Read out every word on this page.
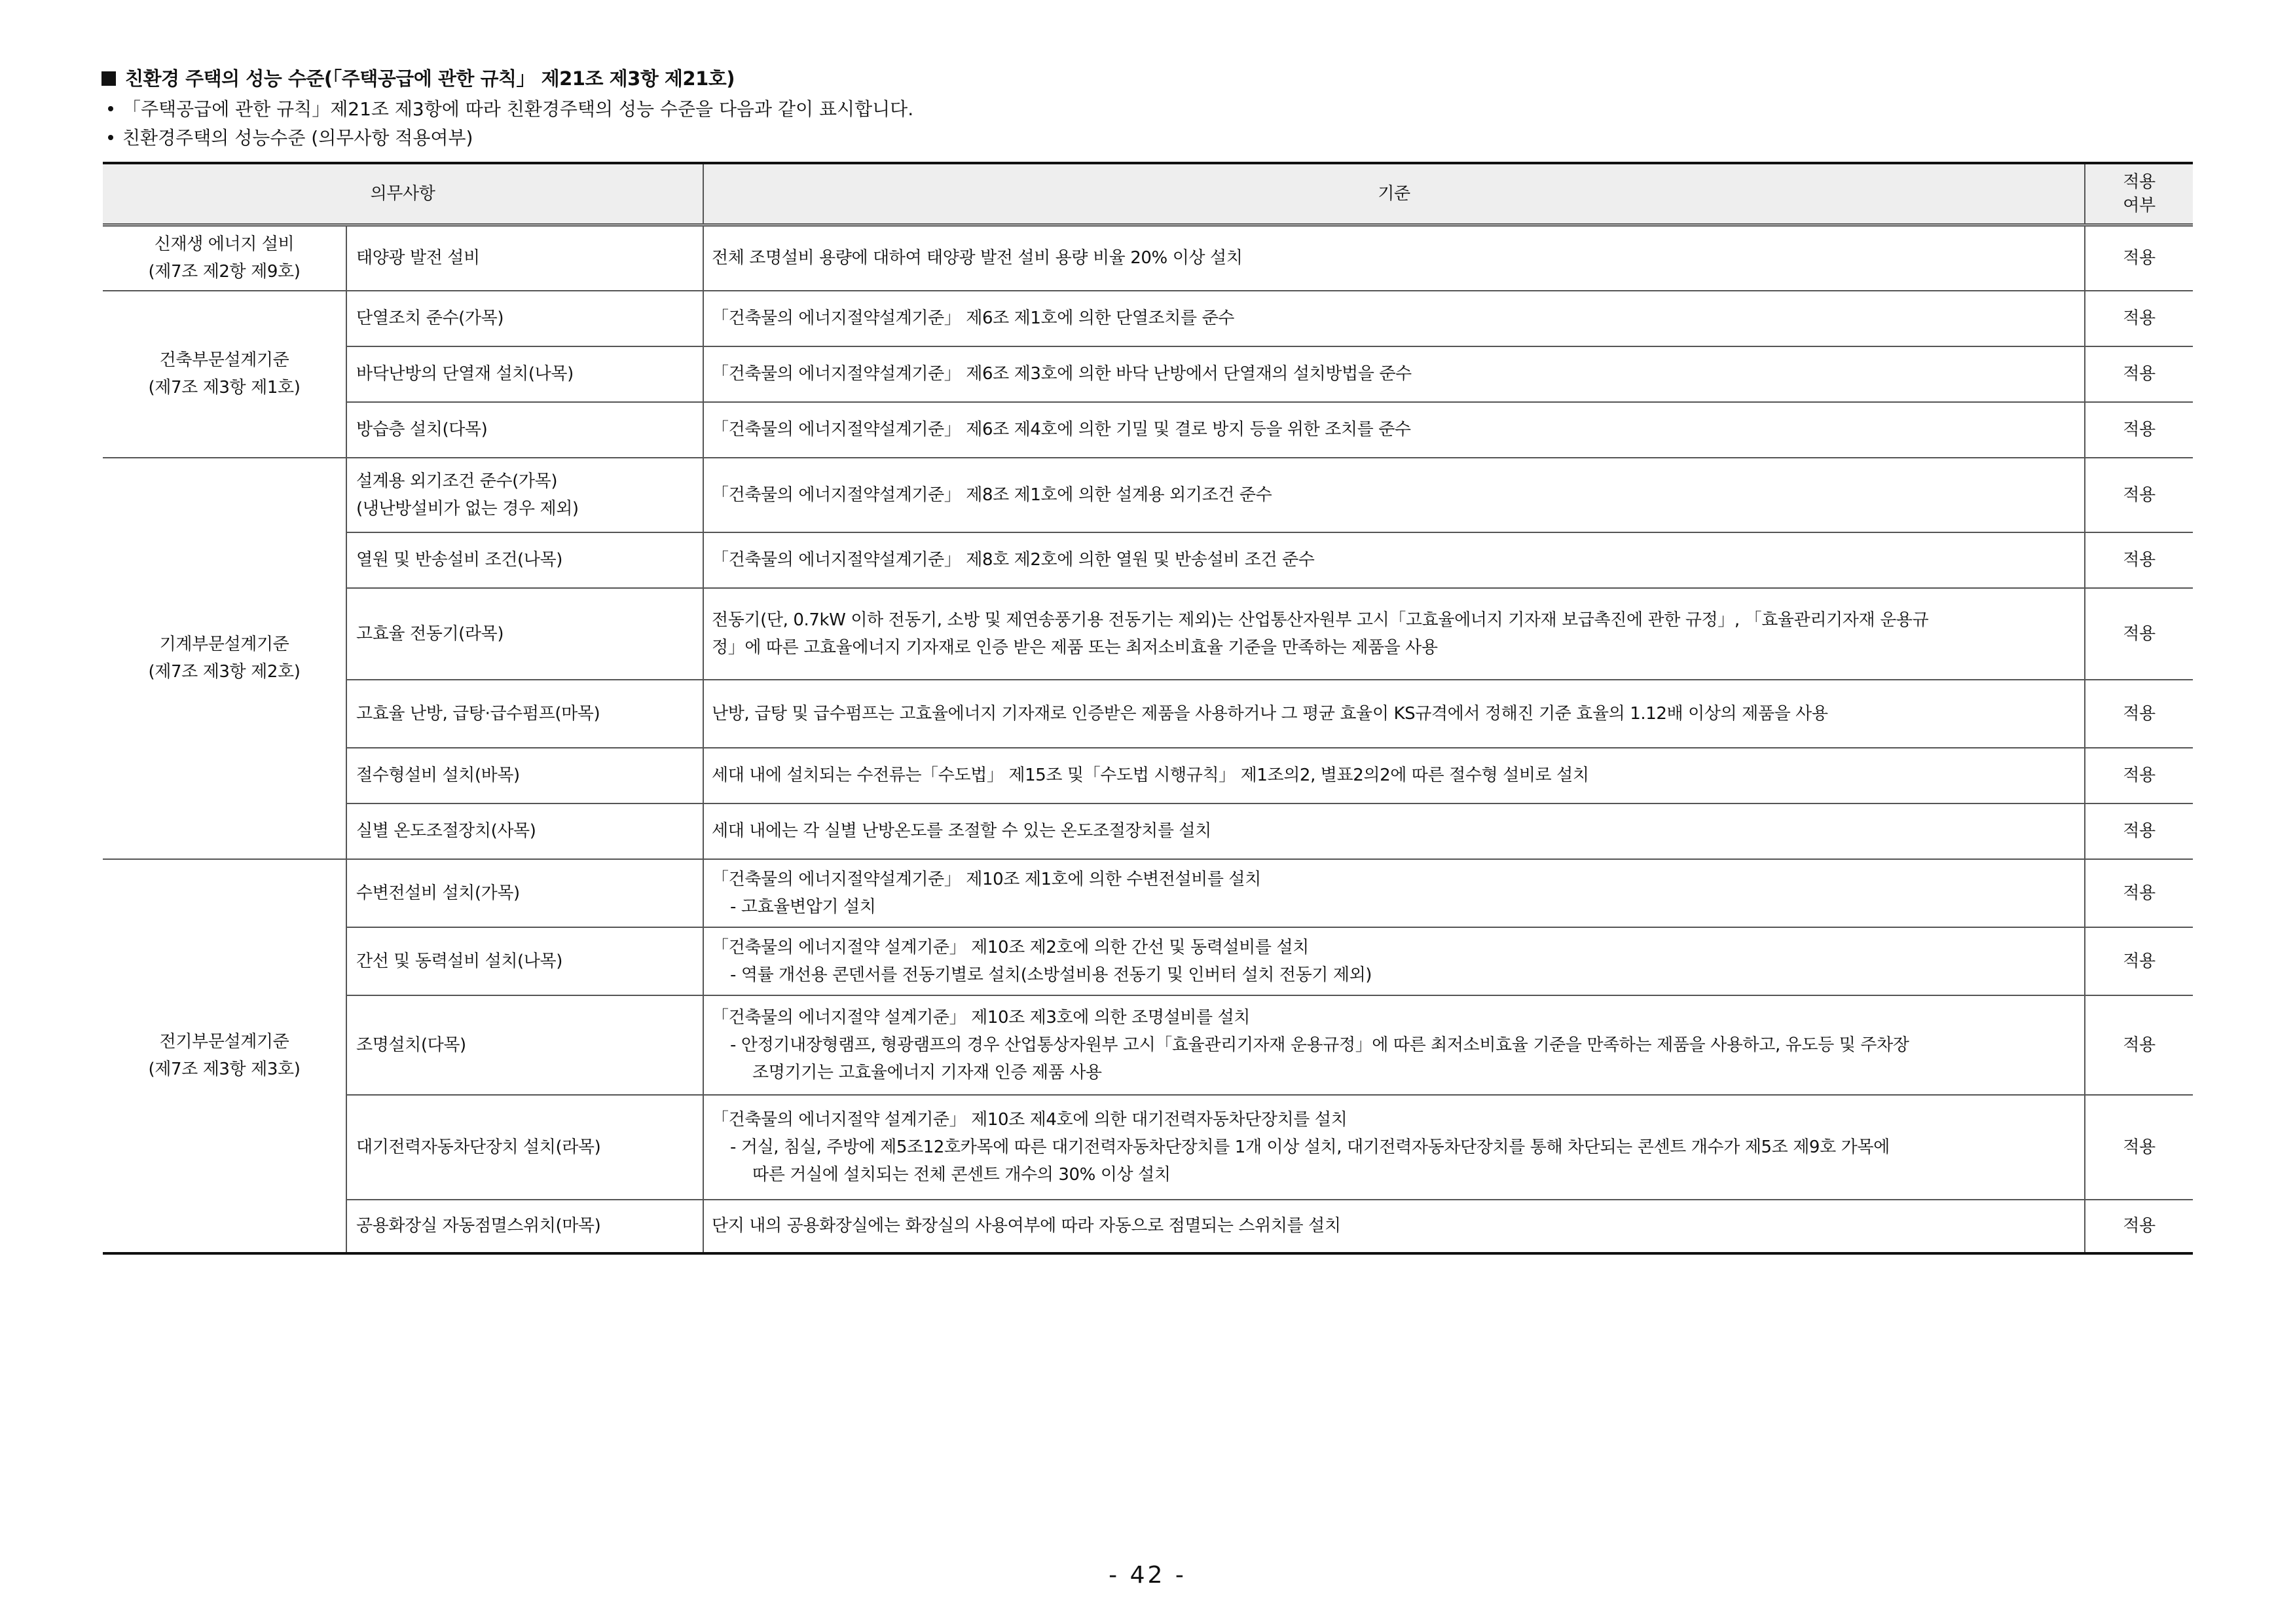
친환경 주택의 성능 수준(「주택공급에 관한 규칙」 제21조 제3항 제21호)
「주택공급에 관한 규칙」제21조 제3항에 따라 친환경주택의 성능 수준을 다음과 같이 표시합니다.
친환경주택의 성능수준 (의무사항 적용여부)
의무사항		기준	적용
여부
신재생 에너지 설비
(제7조 제2항 제9호)	태양광 발전 설비	전체 조명설비 용량에 대하여 태양광 발전 설비 용량 비율 20% 이상 설치	적용
건축부문설계기준
(제7조 제3항 제1호)	단열조치 준수(가목)	「건축물의 에너지절약설계기준」 제6조 제1호에 의한 단열조치를 준수	적용
	바닥난방의 단열재 설치(나목)	「건축물의 에너지절약설계기준」 제6조 제3호에 의한 바닥 난방에서 단열재의 설치방법을 준수	적용
	방습층 설치(다목)	「건축물의 에너지절약설계기준」 제6조 제4호에 의한 기밀 및 결로 방지 등을 위한 조치를 준수	적용
기계부문설계기준
(제7조 제3항 제2호)	설계용 외기조건 준수(가목)
(냉난방설비가 없는 경우 제외)	「건축물의 에너지절약설계기준」 제8조 제1호에 의한 설계용 외기조건 준수	적용
	열원 및 반송설비 조건(나목)	「건축물의 에너지절약설계기준」 제8호 제2호에 의한 열원 및 반송설비 조건 준수	적용
	고효율 전동기(라목)	전동기(단, 0.7kW 이하 전동기, 소방 및 제연송풍기용 전동기는 제외)는 산업통산자원부 고시「고효율에너지 기자재 보급촉진에 관한 규정」, 「효율관리기자재 운용규
정」에 따른 고효율에너지 기자재로 인증 받은 제품 또는 최저소비효율 기준을 만족하는 제품을 사용	적용
	고효율 난방, 급탕·급수펌프(마목)	난방, 급탕 및 급수펌프는 고효율에너지 기자재로 인증받은 제품을 사용하거나 그 평균 효율이 KS규격에서 정해진 기준 효율의 1.12배 이상의 제품을 사용	적용
	절수형설비 설치(바목)	세대 내에 설치되는 수전류는「수도법」 제15조 및「수도법 시행규칙」 제1조의2, 별표2의2에 따른 절수형 설비로 설치	적용
	실별 온도조절장치(사목)	세대 내에는 각 실별 난방온도를 조절할 수 있는 온도조절장치를 설치	적용
전기부문설계기준
(제7조 제3항 제3호)	수변전설비 설치(가목)	「건축물의 에너지절약설계기준」 제10조 제1호에 의한 수변전설비를 설치
- 고효율변압기 설치	적용
	간선 및 동력설비 설치(나목)	「건축물의 에너지절약 설계기준」 제10조 제2호에 의한 간선 및 동력설비를 설치
- 역률 개선용 콘덴서를 전동기별로 설치(소방설비용 전동기 및 인버터 설치 전동기 제외)	적용
	조명설치(다목)	「건축물의 에너지절약 설계기준」 제10조 제3호에 의한 조명설비를 설치
- 안정기내장형램프, 형광램프의 경우 산업통상자원부 고시「효율관리기자재 운용규정」에 따른 최저소비효율 기준을 만족하는 제품을 사용하고, 유도등 및 주차장
조명기기는 고효율에너지 기자재 인증 제품 사용	적용
	대기전력자동차단장치 설치(라목)	「건축물의 에너지절약 설계기준」 제10조 제4호에 의한 대기전력자동차단장치를 설치
- 거실, 침실, 주방에 제5조12호카목에 따른 대기전력자동차단장치를 1개 이상 설치, 대기전력자동차단장치를 통해 차단되는 콘센트 개수가 제5조 제9호 가목에
따른 거실에 설치되는 전체 콘센트 개수의 30% 이상 설치	적용
	공용화장실 자동점멸스위치(마목)	단지 내의 공용화장실에는 화장실의 사용여부에 따라 자동으로 점멸되는 스위치를 설치	적용
- 42 -
